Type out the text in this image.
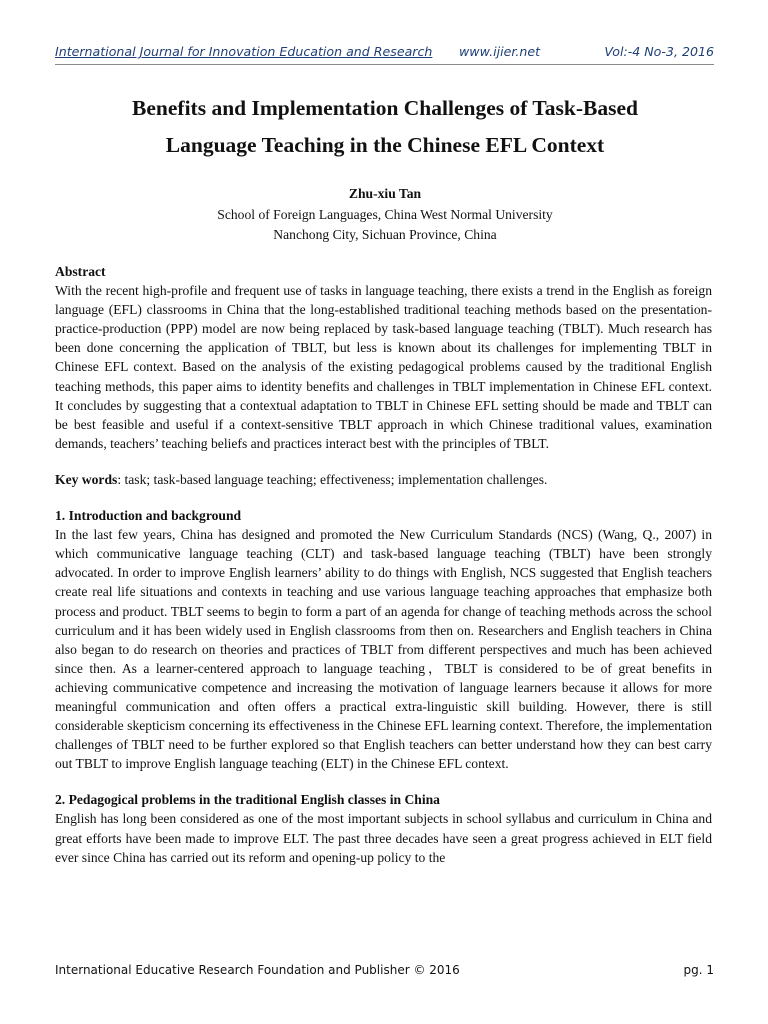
International Journal for Innovation Education and Research www.ijier.net	Vol:-4 No-3, 2016
Benefits and Implementation Challenges of Task-Based
Language Teaching in the Chinese EFL Context
Zhu-xiu Tan
School of Foreign Languages, China West Normal University
Nanchong City, Sichuan Province, China

Abstract

With the recent high-profile and frequent use of tasks in language teaching, there exists a trend in the English as foreign language (EFL) classrooms in China that the long-established traditional teaching methods based on the presentation-practice-production (PPP) model are now being replaced by task-based language teaching (TBLT). Much research has been done concerning the application of TBLT, but less is known about its challenges for implementing TBLT in Chinese EFL context. Based on the analysis of the existing pedagogical problems caused by the traditional English teaching methods, this paper aims to identity benefits and challenges in TBLT implementation in Chinese EFL context. It concludes by suggesting that a contextual adaptation to TBLT in Chinese EFL setting should be made and TBLT can be best feasible and useful if a context-sensitive TBLT approach in which Chinese traditional values, examination demands, teachers’ teaching beliefs and practices interact best with the principles of TBLT.

Key words: task; task-based language teaching; effectiveness; implementation challenges.

1. Introduction and background

In the last few years, China has designed and promoted the New Curriculum Standards (NCS) (Wang, Q., 2007) in which communicative language teaching (CLT) and task-based language teaching (TBLT) have been strongly advocated. In order to improve English learners’ ability to do things with English, NCS suggested that English teachers create real life situations and contexts in teaching and use various language teaching approaches that emphasize both process and product. TBLT seems to begin to form a part of an agenda for change of teaching methods across the school curriculum and it has been widely used in English classrooms from then on. Researchers and English teachers in China also began to do research on theories and practices of TBLT from different perspectives and much has been achieved since then. As a learner-centered approach to language teaching，TBLT is considered to be of great benefits in achieving communicative competence and increasing the motivation of language learners because it allows for more meaningful communication and often offers a practical extra-linguistic skill building. However, there is still considerable skepticism concerning its effectiveness in the Chinese EFL learning context. Therefore, the implementation challenges of TBLT need to be further explored so that English teachers can better understand how they can best carry out TBLT to improve English language teaching (ELT) in the Chinese EFL context.

2. Pedagogical problems in the traditional English classes in China

English has long been considered as one of the most important subjects in school syllabus and curriculum in China and great efforts have been made to improve ELT. The past three decades have seen a great progress achieved in ELT field ever since China has carried out its reform and opening-up policy to the

International Educative Research Foundation and Publisher © 2016	pg. 1
